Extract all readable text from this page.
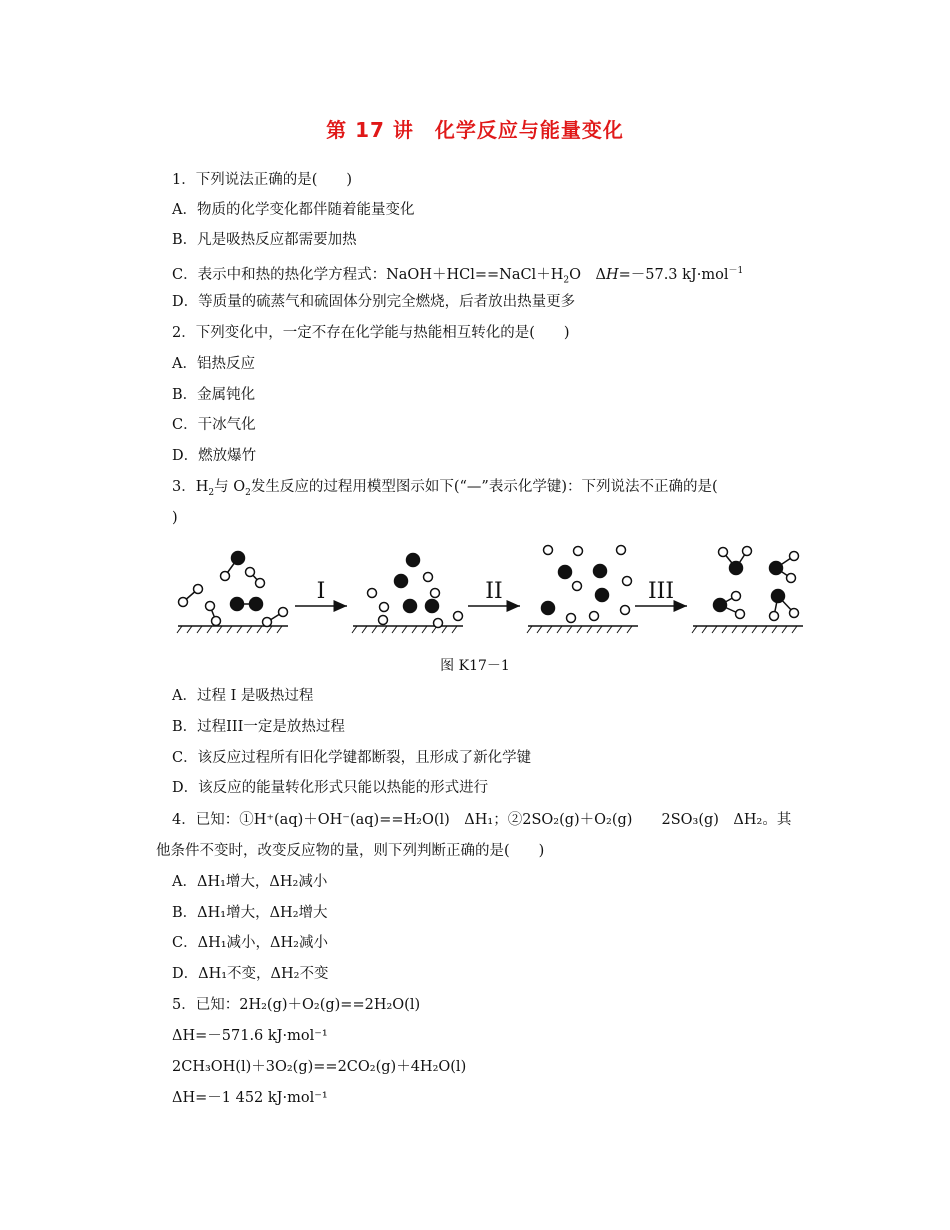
第 17 讲　化学反应与能量变化
1．下列说法正确的是(　　)
A．物质的化学变化都伴随着能量变化
B．凡是吸热反应都需要加热
C．表示中和热的热化学方程式：$NaOH+HCl==NaCl+H_2O$　ΔH=－57.3 kJ·mol$^{-1}$
D．等质量的硫蒸气和硫固体分别完全燃烧，后者放出热量更多
2．下列变化中，一定不存在化学能与热能相互转化的是(　　)
A．铝热反应
B．金属钝化
C．干冰气化
D．燃放爆竹
3．$H_2$与 $O_2$发生反应的过程用模型图示如下(“—”表示化学键)：下列说法不正确的是(
)
I	II	III
图 K17－1
A．过程 I 是吸热过程
B．过程III一定是放热过程
C．该反应过程所有旧化学键都断裂，且形成了新化学键
D．该反应的能量转化形式只能以热能的形式进行
4．已知：①H⁺(aq)＋OH⁻(aq)==H₂O(l)　ΔH₁；②2SO₂(g)＋O₂(g)　　2SO₃(g)　ΔH₂。其
他条件不变时，改变反应物的量，则下列判断正确的是(　　)
A．ΔH₁增大，ΔH₂减小
B．ΔH₁增大，ΔH₂增大
C．ΔH₁减小，ΔH₂减小
D．ΔH₁不变，ΔH₂不变
5．已知：2H₂(g)＋O₂(g)==2H₂O(l)
ΔH=－571.6 kJ·mol⁻¹
2CH₃OH(l)＋3O₂(g)==2CO₂(g)＋4H₂O(l)
ΔH=－1 452 kJ·mol⁻¹
